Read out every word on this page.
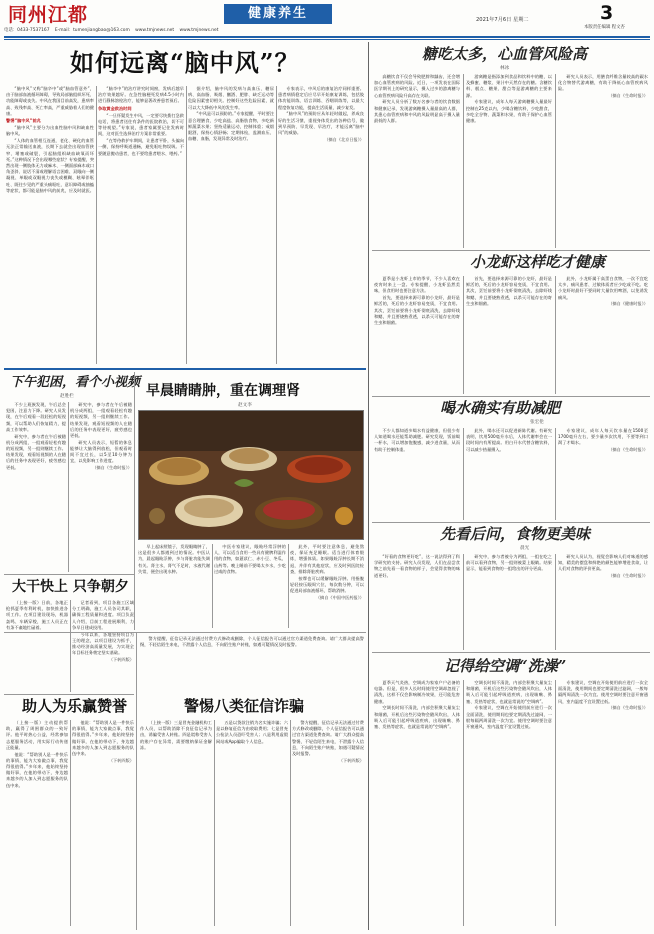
同州江都
电话：0433-7537167 E-mail：tumenjiangbao@163.com www.tmjnews.net www.tmjnews.net
健康养生	2021年7月6日 星期二	3
本版责任编辑 程文杏
如何远离“脑中风”？

“脑中风”又称“脑卒中”或“脑血管意外”，由于脑部血液循环障碍，导致局部脑组织坏死、功能障碍或丧失。中风在我国目前高发，患病率高、致残率高、死亡率高，严重威胁着人们的健康。

警惕“脑中风”前兆

“脑中风”主要分为出血性脑中风和缺血性脑中风。

“人体的血管相互连通，老化、硬化的血管无法正常输送血液，长期下去就会出现血管狭窄、堵塞或破裂，引起脑组织缺血缺氧而坏死。”这种情况下会出现哪些症状？专家提醒，突然出现一侧肢体无力或麻木、一侧面部麻木或口角歪斜、说话不清或理解语言困难、双眼向一侧凝视、单眼或双眼视力丧失或模糊、眩晕伴呕吐、既往少见的严重头痛呕吐、意识障碍或抽搐等症状，都可能是脑中风的前兆，应及时就医。

“脑卒中”的治疗讲究时间窗，发病后越早治疗效果越好。在急性脑梗死发病4.5小时内进行静脉溶栓治疗，能够显著改善患者预后。

争取黄金救治时间

“一旦怀疑发生中风，一定要尽快拨打急救电话，将患者送往有条件的医院救治，切不可等待观望。”专家说，患者家属要记住发病时间，这对医生选择治疗方案非常重要。

“在等待救护车期间，让患者平卧，头偏向一侧，保持呼吸道通畅，避免呕吐物误吸。不要随意搬动患者，也不要给患者喂水、喂药。”

据介绍，脑中风的发病与高血压、糖尿病、高血脂、吸烟、酗酒、肥胖、缺乏运动等危险因素密切相关。控制好这些危险因素，就可以大大降低中风的发生率。

“中风是可以预防的。”专家提醒，平时要注意合理膳食，少吃高盐、高脂肪食物，多吃新鲜蔬菜水果；坚持适量运动，控制体重；戒烟限酒，保持心情舒畅；定期体检，监测血压、血糖、血脂，发现异常及时治疗。

专家表示，中风后的康复治疗同样重要。患者病情稳定后应尽早开始康复训练，包括肢体功能训练、语言训练、吞咽训练等，以最大程度恢复功能，提高生活质量，减少复发。

“脑中风”的预防应从年轻时做起，养成良好的生活习惯，重视身体发出的各种信号，做到早预防、早发现、早治疗，才能远离“脑中风”的威胁。

（摘自《北京日报》）

糖吃太多，心血管风险高
林冰

高糖饮食不仅会导致肥胖和龋齿，还会增加心血管疾病的风险。近日，一项发表在国际医学期刊上的研究显示，摄入过多的游离糖与心血管疾病风险升高存在关联。

研究人员分析了数万名参与者的饮食数据和健康记录，发现游离糖摄入量最高的人群，其患心血管疾病和中风的风险明显高于摄入量最低的人群。

游离糖是指添加到食品和饮料中的糖，以及蜂蜜、糖浆、果汁中天然存在的糖。含糖饮料、糕点、糖果、甜点等是游离糖的主要来源。

专家建议，成年人每天游离糖摄入量最好控制在25克以内，少喝含糖饮料，少吃甜食，多吃全谷物、蔬菜和水果，有助于保护心血管健康。

研究人员表示，用膳食纤维含量较高的碳水化合物替代游离糖，有助于降低心血管疾病风险。

（摘自《生命时报》）

小龙虾这样吃才健康

夏季是小龙虾上市的季节，不少人喜欢在夜宵时来上一盘。专家提醒，小龙虾虽然美味，但食用时也要注意方法。

首先，要选择来源可靠的小龙虾，最好是鲜活的，死后的小龙虾容易变质，不宜食用。其次，烹饪前要将小龙虾彻底清洗，去除虾线和鳃，并且要烧熟煮透，以杀灭可能存在的寄生虫和细菌。

首先，要选择来源可靠的小龙虾，最好是鲜活的，死后的小龙虾容易变质，不宜食用。其次，烹饪前要将小龙虾彻底清洗，去除虾线和鳃，并且要烧熟煮透，以杀灭可能存在的寄生虫和细菌。

此外，小龙虾属于高蛋白食物，一次不宜吃太多，痛风患者、过敏体质者应少吃或不吃。吃小龙虾时最好不要同时大量饮用啤酒，以免诱发痛风。

（摘自《健康时报》）

喝水确实有助减肥
张宏伦

不少人都知道多喝水有益健康，但很少有人知道喝水还能帮助减肥。研究发现，饭前喝一杯水，可以增加饱腹感，减少进食量，从而有助于控制体重。

此外，喝水还可以促进新陈代谢。有研究表明，饮用500毫升水后，人体代谢率会在一段时间内有所提高。用白开水代替含糖饮料，可以减少热量摄入。

专家建议，成年人每天饮水量在1500至1700毫升左右，要少量多次饮用，不要等到口渴了才喝水。

（摘自《生命时报》）

下午犯困，看个小视频
赵胜栏

不少上班族发现，午后总会犯困，注意力下降。研究人员发现，在午后观看一段轻松的短视频，可以帮助人们恢复精力，提高工作效率。

研究中，参与者在午后被随机分成两组，一组观看轻松有趣的短视频，另一组则继续工作。结果发现，观看短视频的人在随后的任务中表现更好，疲劳感也更低。

研究中，参与者在午后被随机分成两组，一组观看轻松有趣的短视频，另一组则继续工作。结果发现，观看短视频的人在随后的任务中表现更好，疲劳感也更低。

研究人员表示，短暂的休息能够让大脑得到放松，但观看时间不宜过长，以5至10分钟为宜，以免影响工作进度。

（摘自《生命时报》）

早晨睛睛肿，重在调理肾
赵文李

早上起床照镜子，发现眼睛肿了，这是很多人都遇到过的情况。中医认为，晨起眼睑浮肿，多与肾脏功能失调有关。肾主水，肾气不足时，水液代谢失常，便会出现水肿。

中医专家建议，眼睑经常浮肿的人，可以适当食用一些具有健脾利湿作用的食物，如薏苡仁、赤小豆、冬瓜、山药等。晚上睡前不要喝太多水，少吃过咸的食物。

此外，平时要注意休息，避免熬夜，保证充足睡眠。适当进行体育锻炼，增强体质。如果眼睑浮肿长期不消退，并伴有其他症状，应及时到医院检查，排除肾脏疾病。

按摩也可以缓解眼睑浮肿。用指腹轻轻按压眼周穴位，每次数分钟，可以促进局部血液循环，帮助消肿。

（摘自《中国中医药报》）

大干快上 只争朝夕

（上接一版）日前，各地正抢抓夏季有利时机，加快推进各项工作。在项目建设现场，机器轰鸣、车辆穿梭，施工人员正在有条不紊地忙碌着。

记者看到，项目各施工区域分工明确，施工人员各司其职，确保工程质量和进度。项目负责人介绍，目前工程进展顺利，力争早日建成投用。

今年以来，各地坚持项目为王的理念，以项目建设为抓手，推动经济高质量发展，为实现全年目标任务奠定坚实基础。

（下转四版）

助人为乐赢赞誉

（上接一版）主动提供帮助，赢得了周围群众的一致好评。他平时热心公益，经常参加志愿服务活动，用实际行动传递正能量。

他说：“帮助别人是一件快乐的事情，能为大家做点事，我觉得很值得。”多年来，他始终坚持做好事，在他的带动下，身边越来越多的人加入到志愿服务的队伍中来。

他说：“帮助别人是一件快乐的事情，能为大家做点事，我觉得很值得。”多年来，他始终坚持做好事，在他的带动下，身边越来越多的人加入到志愿服务的队伍中来。

（下转四版）

警惕八类征信诈骗

（上接一版）三是冒充金融机构工作人员，以帮助消除不良征信记录为由，诱骗受害人转账。四是谎称受害人的账户存在异常，需要缴纳保证金解冻。

五是以贷款注销为名实施诈骗；六是以修复征信为由收取费用；七是冒充公检法人员恐吓受害人；八是利用虚假网站或App骗取个人信息。

警方提醒，征信记录无法通过付费方式修改或删除，个人征信报告可以通过官方渠道免费查询。请广大群众提高警惕，不轻信陌生来电，不泄露个人信息，不向陌生账户转账，如遇可疑情况及时报警。

（下转四版）

警方提醒，征信记录无法通过付费方式修改或删除，个人征信报告可以通过官方渠道免费查询。请广大群众提高警惕，不轻信陌生来电，不泄露个人信息，不向陌生账户转账，如遇可疑情况及时报警。

先看后问，食物更美味
晨光

“好看的食物更好吃”，这一说法得到了科学研究的支持。研究人员发现，人们在品尝食物之前先看一看食物的样子，会觉得食物的味道更好。

研究中，参与者被分为两组，一组在吃之前可以看到食物，另一组则被蒙上眼睛。结果显示，能看到食物的一组给出的评分更高。

研究人员认为，视觉会影响人们对味道的感知，精美的摆盘和鲜艳的颜色能够增进食欲，让人们对食物的评价更高。

（摘自《生命时报》）

记得给空调“洗澡”

夏季天气炎热，空调成为家家户户必备的电器。但是，很多人长时间使用空调却忽视了清洗，这样不仅会影响制冷效果，还可能危害健康。

空调长时间不清洗，内部会积聚大量灰尘和细菌，开机后这些污染物会随风吹出，人体吸入后可能引起呼吸道疾病，出现咳嗽、鼻塞、发热等症状，也就是常说的“空调病”。

空调长时间不清洗，内部会积聚大量灰尘和细菌，开机后这些污染物会随风吹出，人体吸入后可能引起呼吸道疾病，出现咳嗽、鼻塞、发热等症状，也就是常说的“空调病”。

专家建议，空调在开始使用前应进行一次全面清洗，使用期间也要定期清洗过滤网，一般每隔两周清洗一次为宜。使用空调时要注意开窗通风，室内温度不宜设置过低。

专家建议，空调在开始使用前应进行一次全面清洗，使用期间也要定期清洗过滤网，一般每隔两周清洗一次为宜。使用空调时要注意开窗通风，室内温度不宜设置过低。

（摘自《生命时报》）
